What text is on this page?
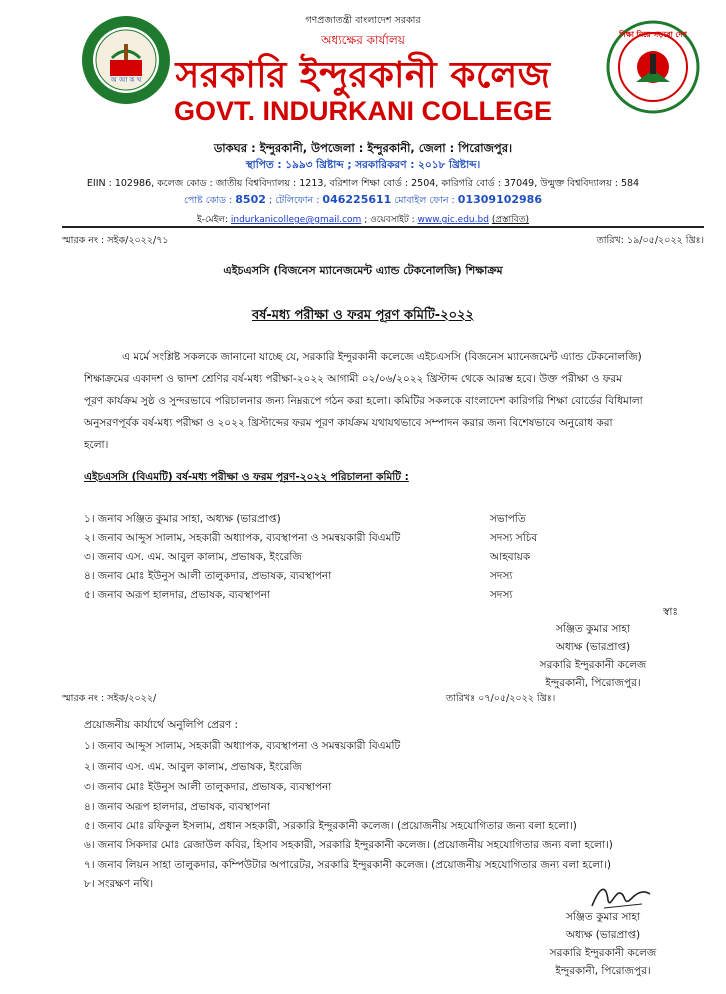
গণপ্রজাতন্ত্রী বাংলাদেশ সরকার
অধ্যক্ষের কার্যালয়
সরকারি ইন্দুরকানী কলেজ
GOVT. INDURKANI COLLEGE
অ আ ক খ
শিক্ষা নিয়ে গড়বো দেশ
ডাকঘর : ইন্দুরকানী, উপজেলা : ইন্দুরকানী, জেলা : পিরোজপুর।
স্থাপিত : ১৯৯৩ খ্রিষ্টাব্দ ; সরকারিকরণ : ২০১৮ খ্রিষ্টাব্দ।
EIIN : 102986, কলেজ কোড : জাতীয় বিশ্ববিদ্যালয় : 1213, বরিশাল শিক্ষা বোর্ড : 2504, কারিগরি বোর্ড : 37049, উন্মুক্ত বিশ্ববিদ্যালয় : 584
পোষ্ট কোড : 8502 ; টেলিফোন : 046225611 মোবাইল ফোন : 01309102986
ই-মেইল: indurkanicollege@gmail.com ; ওয়েবসাইট : www.gic.edu.bd (প্রস্তাবিত)
স্মারক নং : সইক/২০২২/৭১	তারিখ: ১৯/০৫/২০২২ খ্রিঃ।
এইচএসসি (বিজনেস ম্যানেজমেন্ট এ্যান্ড টেকনোলজি) শিক্ষাক্রম
বর্ষ-মধ্য পরীক্ষা ও ফরম পূরণ কমিটি-২০২২
এ মর্মে সংশ্লিষ্ট সকলকে জানানো যাচ্ছে যে, সরকারি ইন্দুরকানী কলেজে এইচএসসি (বিজনেস ম্যানেজমেন্ট এ্যান্ড টেকনোলজি)
শিক্ষাক্রমের একাদশ ও দ্বাদশ শ্রেণির বর্ষ-মধ্য পরীক্ষা-২০২২ আগামী ০২/০৬/২০২২ খ্রিস্টাব্দ থেকে আরম্ভ হবে। উক্ত পরীক্ষা ও ফরম
পূরণ কার্যক্রম সুষ্ঠ ও সুন্দরভাবে পরিচালনার জন্য নিম্নরূপে গঠন করা হলো। কমিটির সকলকে বাংলাদেশ কারিগরি শিক্ষা বোর্ডের বিধিমালা
অনুসরণপূর্বক বর্ষ-মধ্য পরীক্ষা ও ২০২২ খ্রিস্টাব্দের ফরম পূরণ কার্যক্রম যথাযথভাবে সম্পাদন করার জন্য বিশেষভাবে অনুরোধ করা
হলো।
এইচএসসি (বিএমটি) বর্ষ-মধ্য পরীক্ষা ও ফরম পূরণ-২০২২ পরিচালনা কমিটি :
১। জনাব সঞ্জিত কুমার সাহা, অধ্যক্ষ (ভারপ্রাপ্ত)	সভাপতি
২। জনাব আব্দুস সালাম, সহকারী অধ্যাপক, ব্যবস্থাপনা ও সমন্বয়কারী বিএমটি	সদস্য সচিব
৩। জনাব এস. এম. আবুল কালাম, প্রভাষক, ইংরেজি	আহবায়ক
৪। জনাব মোঃ ইউনুস আলী তালুকদার, প্রভাষক, ব্যবস্থাপনা	সদস্য
৫। জনাব অরূপ হালদার, প্রভাষক, ব্যবস্থাপনা	সদস্য
স্বাঃ
সঞ্জিত কুমার সাহা
অধ্যক্ষ (ভারপ্রাপ্ত)
সরকারি ইন্দুরকানী কলেজ
ইন্দুরকানী, পিরোজপুর।
স্মারক নং : সইক/২০২২/	তারিখঃ ০৭/০৫/২০২২ খ্রিঃ।
প্রয়োজনীয় কার্যার্থে অনুলিপি প্রেরণ :
১। জনাব আব্দুস সালাম, সহকারী অধ্যাপক, ব্যবস্থাপনা ও সমন্বয়কারী বিএমটি
২। জনাব এস. এম. আবুল কালাম, প্রভাষক, ইংরেজি
৩। জনাব মোঃ ইউনুস আলী তালুকদার, প্রভাষক, ব্যবস্থাপনা
৪। জনাব অরূপ হালদার, প্রভাষক, ব্যবস্থাপনা
৫। জনাব মোঃ রফিকুল ইসলাম, প্রধান সহকারী, সরকারি ইন্দুরকানী কলেজ। (প্রয়োজনীয় সহযোগিতার জন্য বলা হলো।)
৬। জনাব সিকদার মোঃ রেজাউল কবির, হিসাব সহকারী, সরকারি ইন্দুরকানী কলেজ। (প্রয়োজনীয় সহযোগিতার জন্য বলা হলো।)
৭। জনাব লিয়ন সাহা তালুকদার, কম্পিউটার অপারেটর, সরকারি ইন্দুরকানী কলেজ। (প্রয়োজনীয় সহযোগিতার জন্য বলা হলো।)
৮। সংরক্ষণ নথি।
সঞ্জিত কুমার সাহা
অধ্যক্ষ (ভারপ্রাপ্ত)
সরকারি ইন্দুরকানী কলেজ
ইন্দুরকানী, পিরোজপুর।
